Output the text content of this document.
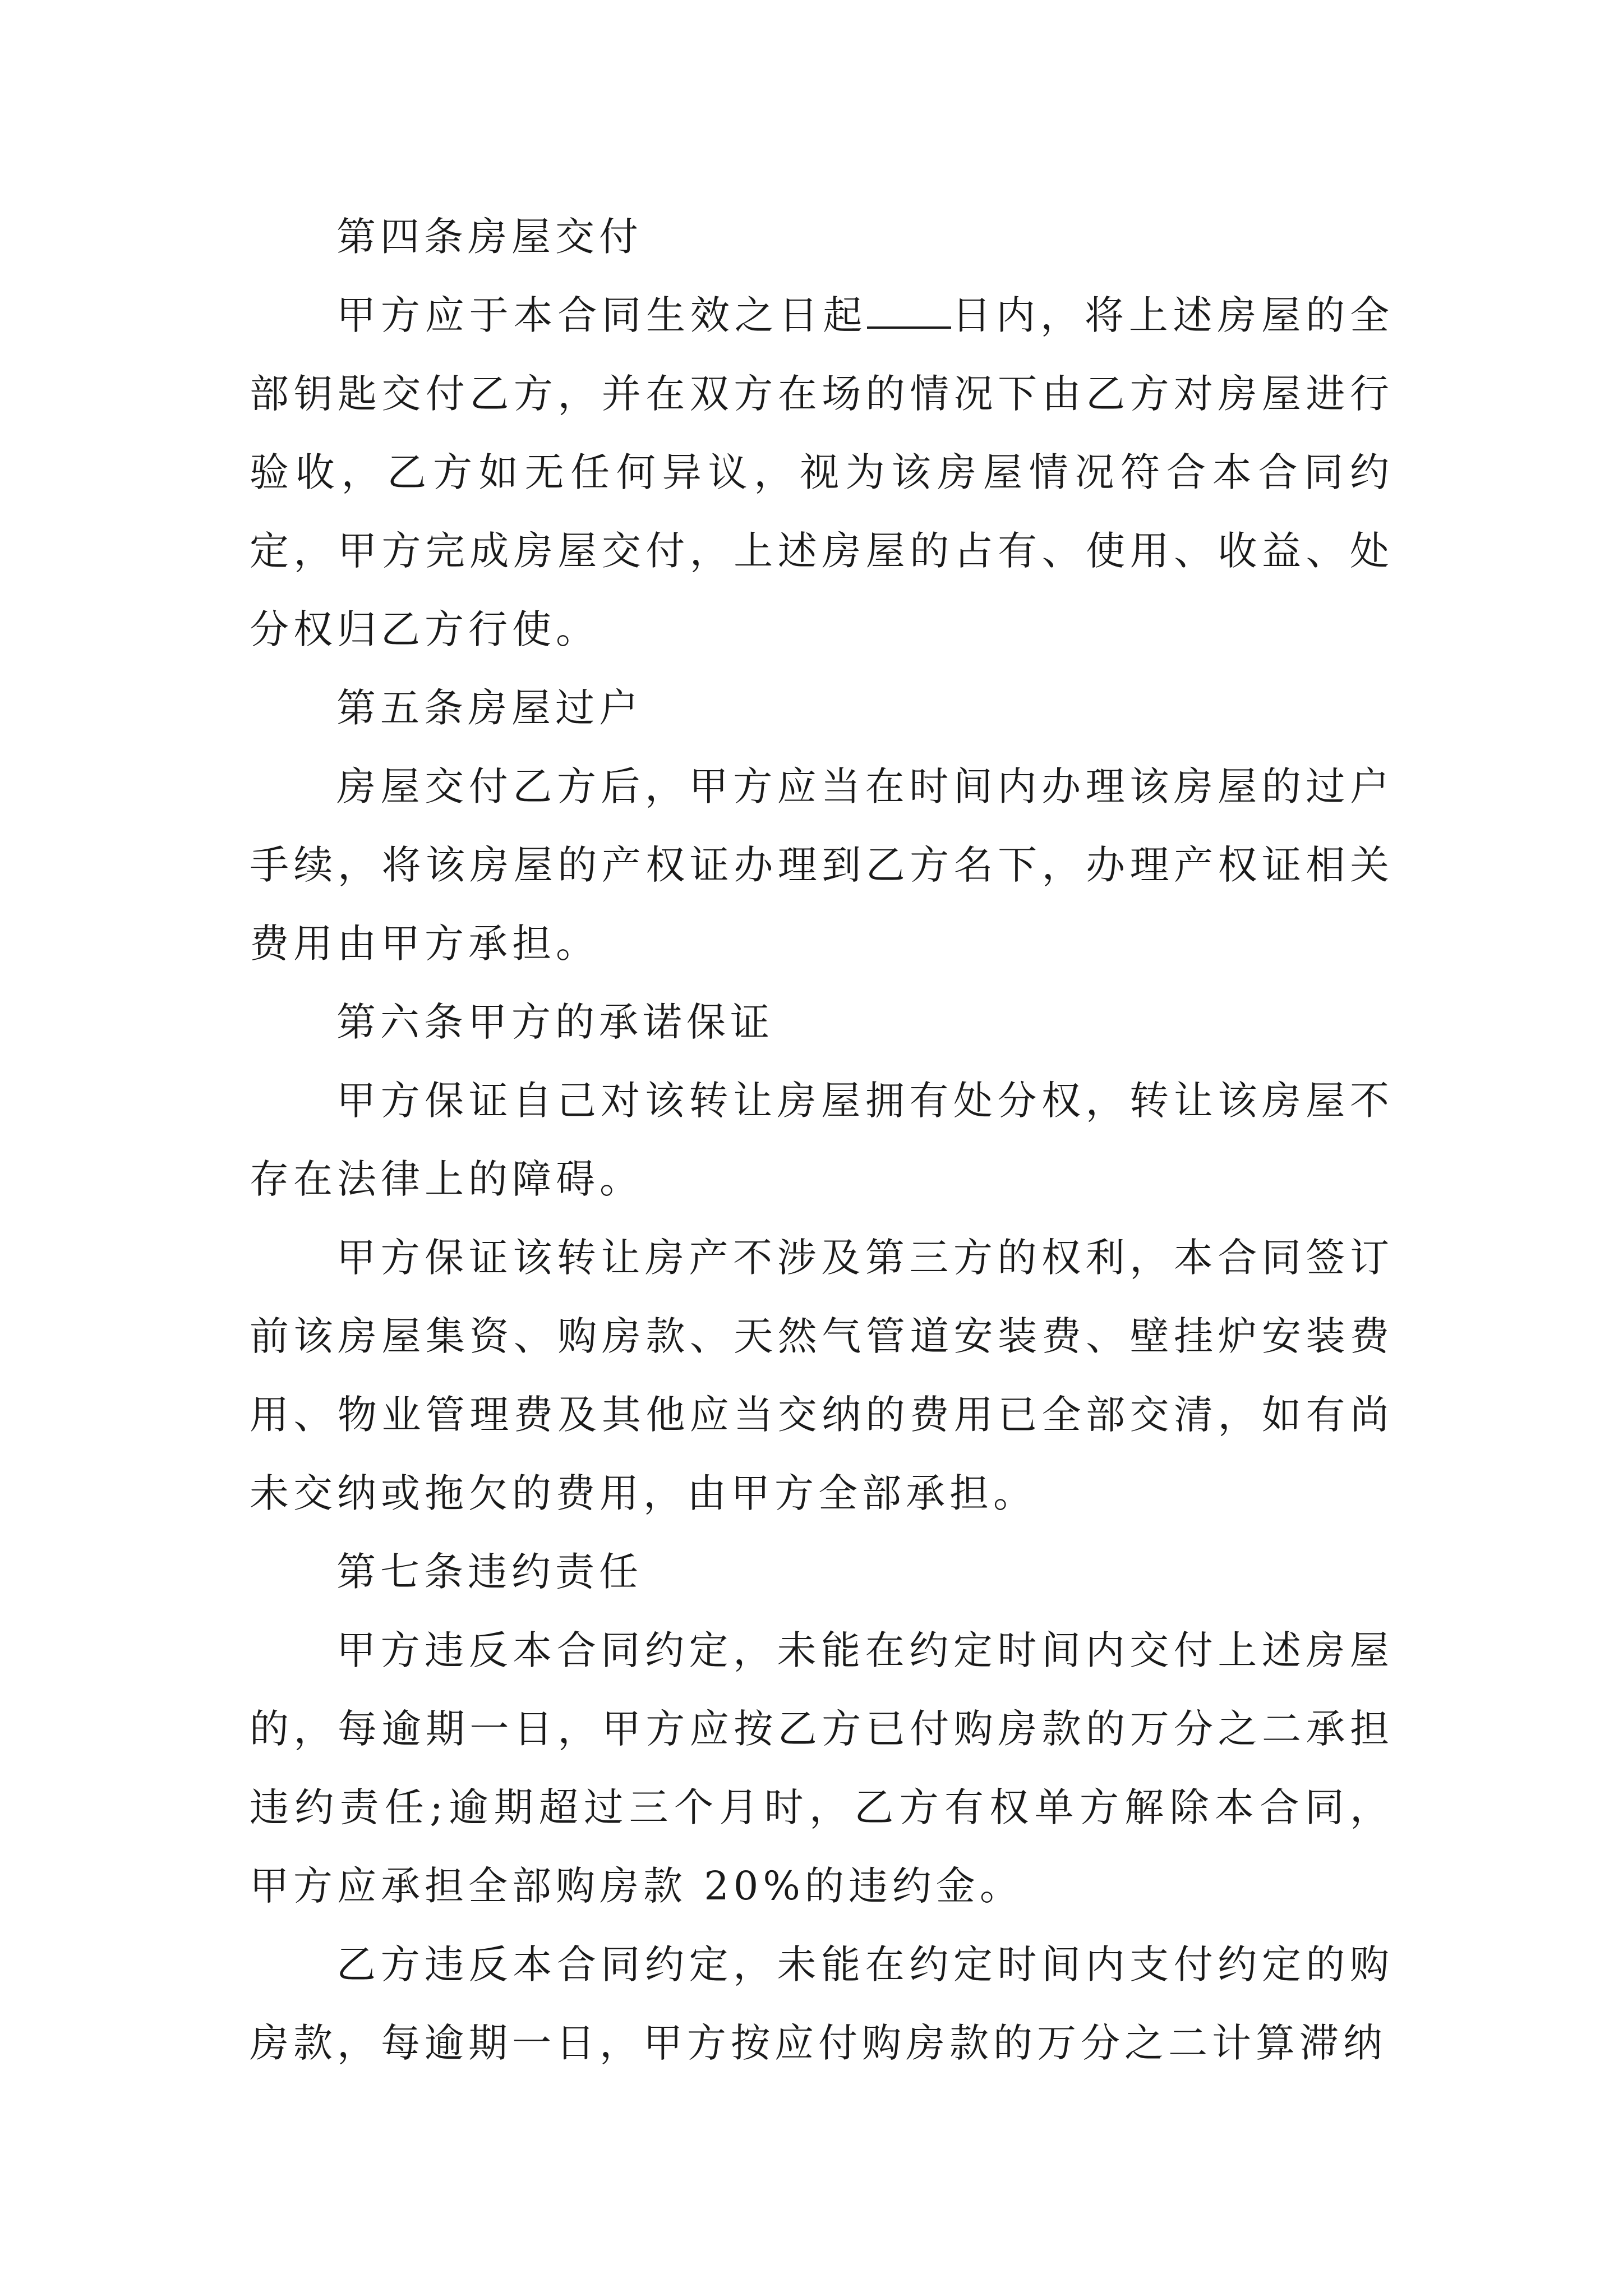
第四条房屋交付

甲方应于本合同生效之日起 日内，将上述房屋的全部钥匙交付乙方，并在双方在场的情况下由乙方对房屋进行验收，乙方如无任何异议，视为该房屋情况符合本合同约定，甲方完成房屋交付，上述房屋的占有、使用、收益、处分权归乙方行使。

第五条房屋过户

房屋交付乙方后，甲方应当在时间内办理该房屋的过户手续，将该房屋的产权证办理到乙方名下，办理产权证相关费用由甲方承担。

第六条甲方的承诺保证

甲方保证自己对该转让房屋拥有处分权，转让该房屋不存在法律上的障碍。

甲方保证该转让房产不涉及第三方的权利，本合同签订前该房屋集资、购房款、天然气管道安装费、壁挂炉安装费用、物业管理费及其他应当交纳的费用已全部交清，如有尚未交纳或拖欠的费用，由甲方全部承担。

第七条违约责任

甲方违反本合同约定，未能在约定时间内交付上述房屋的，每逾期一日，甲方应按乙方已付购房款的万分之二承担违约责任;逾期超过三个月时，乙方有权单方解除本合同，甲方应承担全部购房款 20%的违约金。

乙方违反本合同约定，未能在约定时间内支付约定的购房款，每逾期一日，甲方按应付购房款的万分之二计算滞纳
